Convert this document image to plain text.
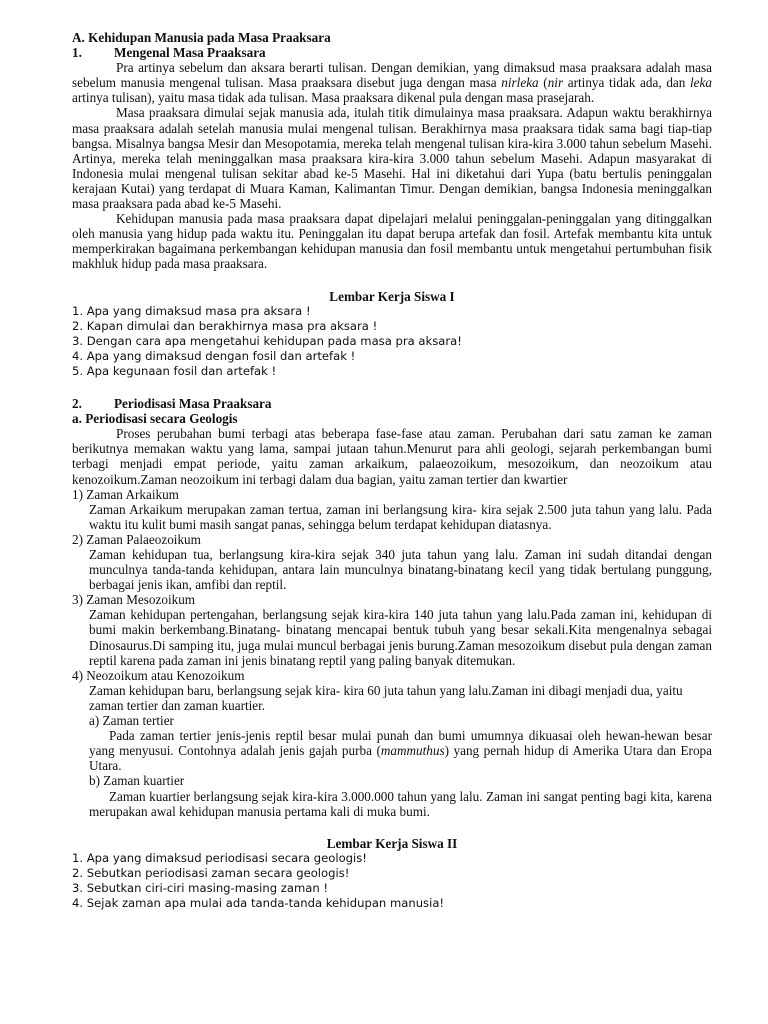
A. Kehidupan Manusia pada Masa Praaksara

1. Mengenal Masa Praaksara

Pra artinya sebelum dan aksara berarti tulisan. Dengan demikian, yang dimaksud masa praaksara adalah masa sebelum manusia mengenal tulisan. Masa praaksara disebut juga dengan masa nirleka (nir artinya tidak ada, dan leka artinya tulisan), yaitu masa tidak ada tulisan. Masa praaksara dikenal pula dengan masa prasejarah.

Masa praaksara dimulai sejak manusia ada, itulah titik dimulainya masa praaksara. Adapun waktu berakhirnya masa praaksara adalah setelah manusia mulai mengenal tulisan. Berakhirnya masa praaksara tidak sama bagi tiap-tiap bangsa. Misalnya bangsa Mesir dan Mesopotamia, mereka telah mengenal tulisan kira-kira 3.000 tahun sebelum Masehi. Artinya, mereka telah meninggalkan masa praaksara kira-kira 3.000 tahun sebelum Masehi. Adapun masyarakat di Indonesia mulai mengenal tulisan sekitar abad ke-5 Masehi. Hal ini diketahui dari Yupa (batu bertulis peninggalan kerajaan Kutai) yang terdapat di Muara Kaman, Kalimantan Timur. Dengan demikian, bangsa Indonesia meninggalkan masa praaksara pada abad ke-5 Masehi.

Kehidupan manusia pada masa praaksara dapat dipelajari melalui peninggalan-peninggalan yang ditinggalkan oleh manusia yang hidup pada waktu itu. Peninggalan itu dapat berupa artefak dan fosil. Artefak membantu kita untuk memperkirakan bagaimana perkembangan kehidupan manusia dan fosil membantu untuk mengetahui pertumbuhan fisik makhluk hidup pada masa praaksara.

Lembar Kerja Siswa I

1. Apa yang dimaksud masa pra aksara !

2. Kapan dimulai dan berakhirnya masa pra aksara !

3. Dengan cara apa mengetahui kehidupan pada masa pra aksara!

4. Apa yang dimaksud dengan fosil dan artefak !

5. Apa kegunaan fosil dan artefak !

2. Periodisasi Masa Praaksara

a. Periodisasi secara Geologis

Proses perubahan bumi terbagi atas beberapa fase-fase atau zaman. Perubahan dari satu zaman ke zaman berikutnya memakan waktu yang lama, sampai jutaan tahun.Menurut para ahli geologi, sejarah perkembangan bumi terbagi menjadi empat periode, yaitu zaman arkaikum, palaeozoikum, mesozoikum, dan neozoikum atau kenozoikum.Zaman neozoikum ini terbagi dalam dua bagian, yaitu zaman tertier dan kwartier

1) Zaman Arkaikum

Zaman Arkaikum merupakan zaman tertua, zaman ini berlangsung kira- kira sejak 2.500 juta tahun yang lalu. Pada waktu itu kulit bumi masih sangat panas, sehingga belum terdapat kehidupan diatasnya.

2) Zaman Palaeozoikum

Zaman kehidupan tua, berlangsung kira-kira sejak 340 juta tahun yang lalu. Zaman ini sudah ditandai dengan munculnya tanda-tanda kehidupan, antara lain munculnya binatang-binatang kecil yang tidak bertulang punggung, berbagai jenis ikan, amfibi dan reptil.

3) Zaman Mesozoikum

Zaman kehidupan pertengahan, berlangsung sejak kira-kira 140 juta tahun yang lalu.Pada zaman ini, kehidupan di bumi makin berkembang.Binatang- binatang mencapai bentuk tubuh yang besar sekali.Kita mengenalnya sebagai Dinosaurus.Di samping itu, juga mulai muncul berbagai jenis burung.Zaman mesozoikum disebut pula dengan zaman reptil karena pada zaman ini jenis binatang reptil yang paling banyak ditemukan.

4) Neozoikum atau Kenozoikum

Zaman kehidupan baru, berlangsung sejak kira- kira 60 juta tahun yang lalu.Zaman ini dibagi menjadi dua, yaitu zaman tertier dan zaman kuartier.

a) Zaman tertier

Pada zaman tertier jenis-jenis reptil besar mulai punah dan bumi umumnya dikuasai oleh hewan-hewan besar yang menyusui. Contohnya adalah jenis gajah purba (mammuthus) yang pernah hidup di Amerika Utara dan Eropa Utara.

b) Zaman kuartier

Zaman kuartier berlangsung sejak kira-kira 3.000.000 tahun yang lalu. Zaman ini sangat penting bagi kita, karena merupakan awal kehidupan manusia pertama kali di muka bumi.

Lembar Kerja Siswa II

1. Apa yang dimaksud periodisasi secara geologis!

2. Sebutkan periodisasi zaman secara geologis!

3. Sebutkan ciri-ciri masing-masing zaman !

4. Sejak zaman apa mulai ada tanda-tanda kehidupan manusia!
